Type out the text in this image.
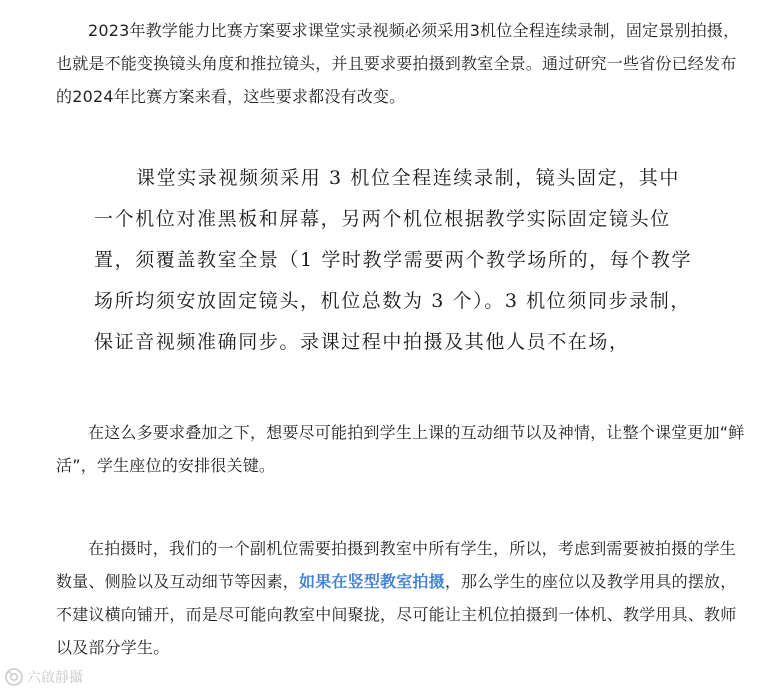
2023年教学能力比赛方案要求课堂实录视频必须采用3机位全程连续录制，固定景别拍摄，也就是不能变换镜头角度和推拉镜头，并且要求要拍摄到教室全景。通过研究一些省份已经发布的2024年比赛方案来看，这些要求都没有改变。

课堂实录视频须采用 3 机位全程连续录制，镜头固定，其中一个机位对准黑板和屏幕，另两个机位根据教学实际固定镜头位置，须覆盖教室全景（1 学时教学需要两个教学场所的，每个教学场所均须安放固定镜头，机位总数为 3 个）。3 机位须同步录制，保证音视频准确同步。录课过程中拍摄及其他人员不在场，

在这么多要求叠加之下，想要尽可能拍到学生上课的互动细节以及神情，让整个课堂更加“鲜活”，学生座位的安排很关键。

在拍摄时，我们的一个副机位需要拍摄到教室中所有学生，所以，考虑到需要被拍摄的学生数量、侧脸以及互动细节等因素，如果在竖型教室拍摄，那么学生的座位以及教学用具的摆放，不建议横向铺开，而是尽可能向教室中间聚拢，尽可能让主机位拍摄到一体机、教学用具、教师以及部分学生。

六啟靜攝
